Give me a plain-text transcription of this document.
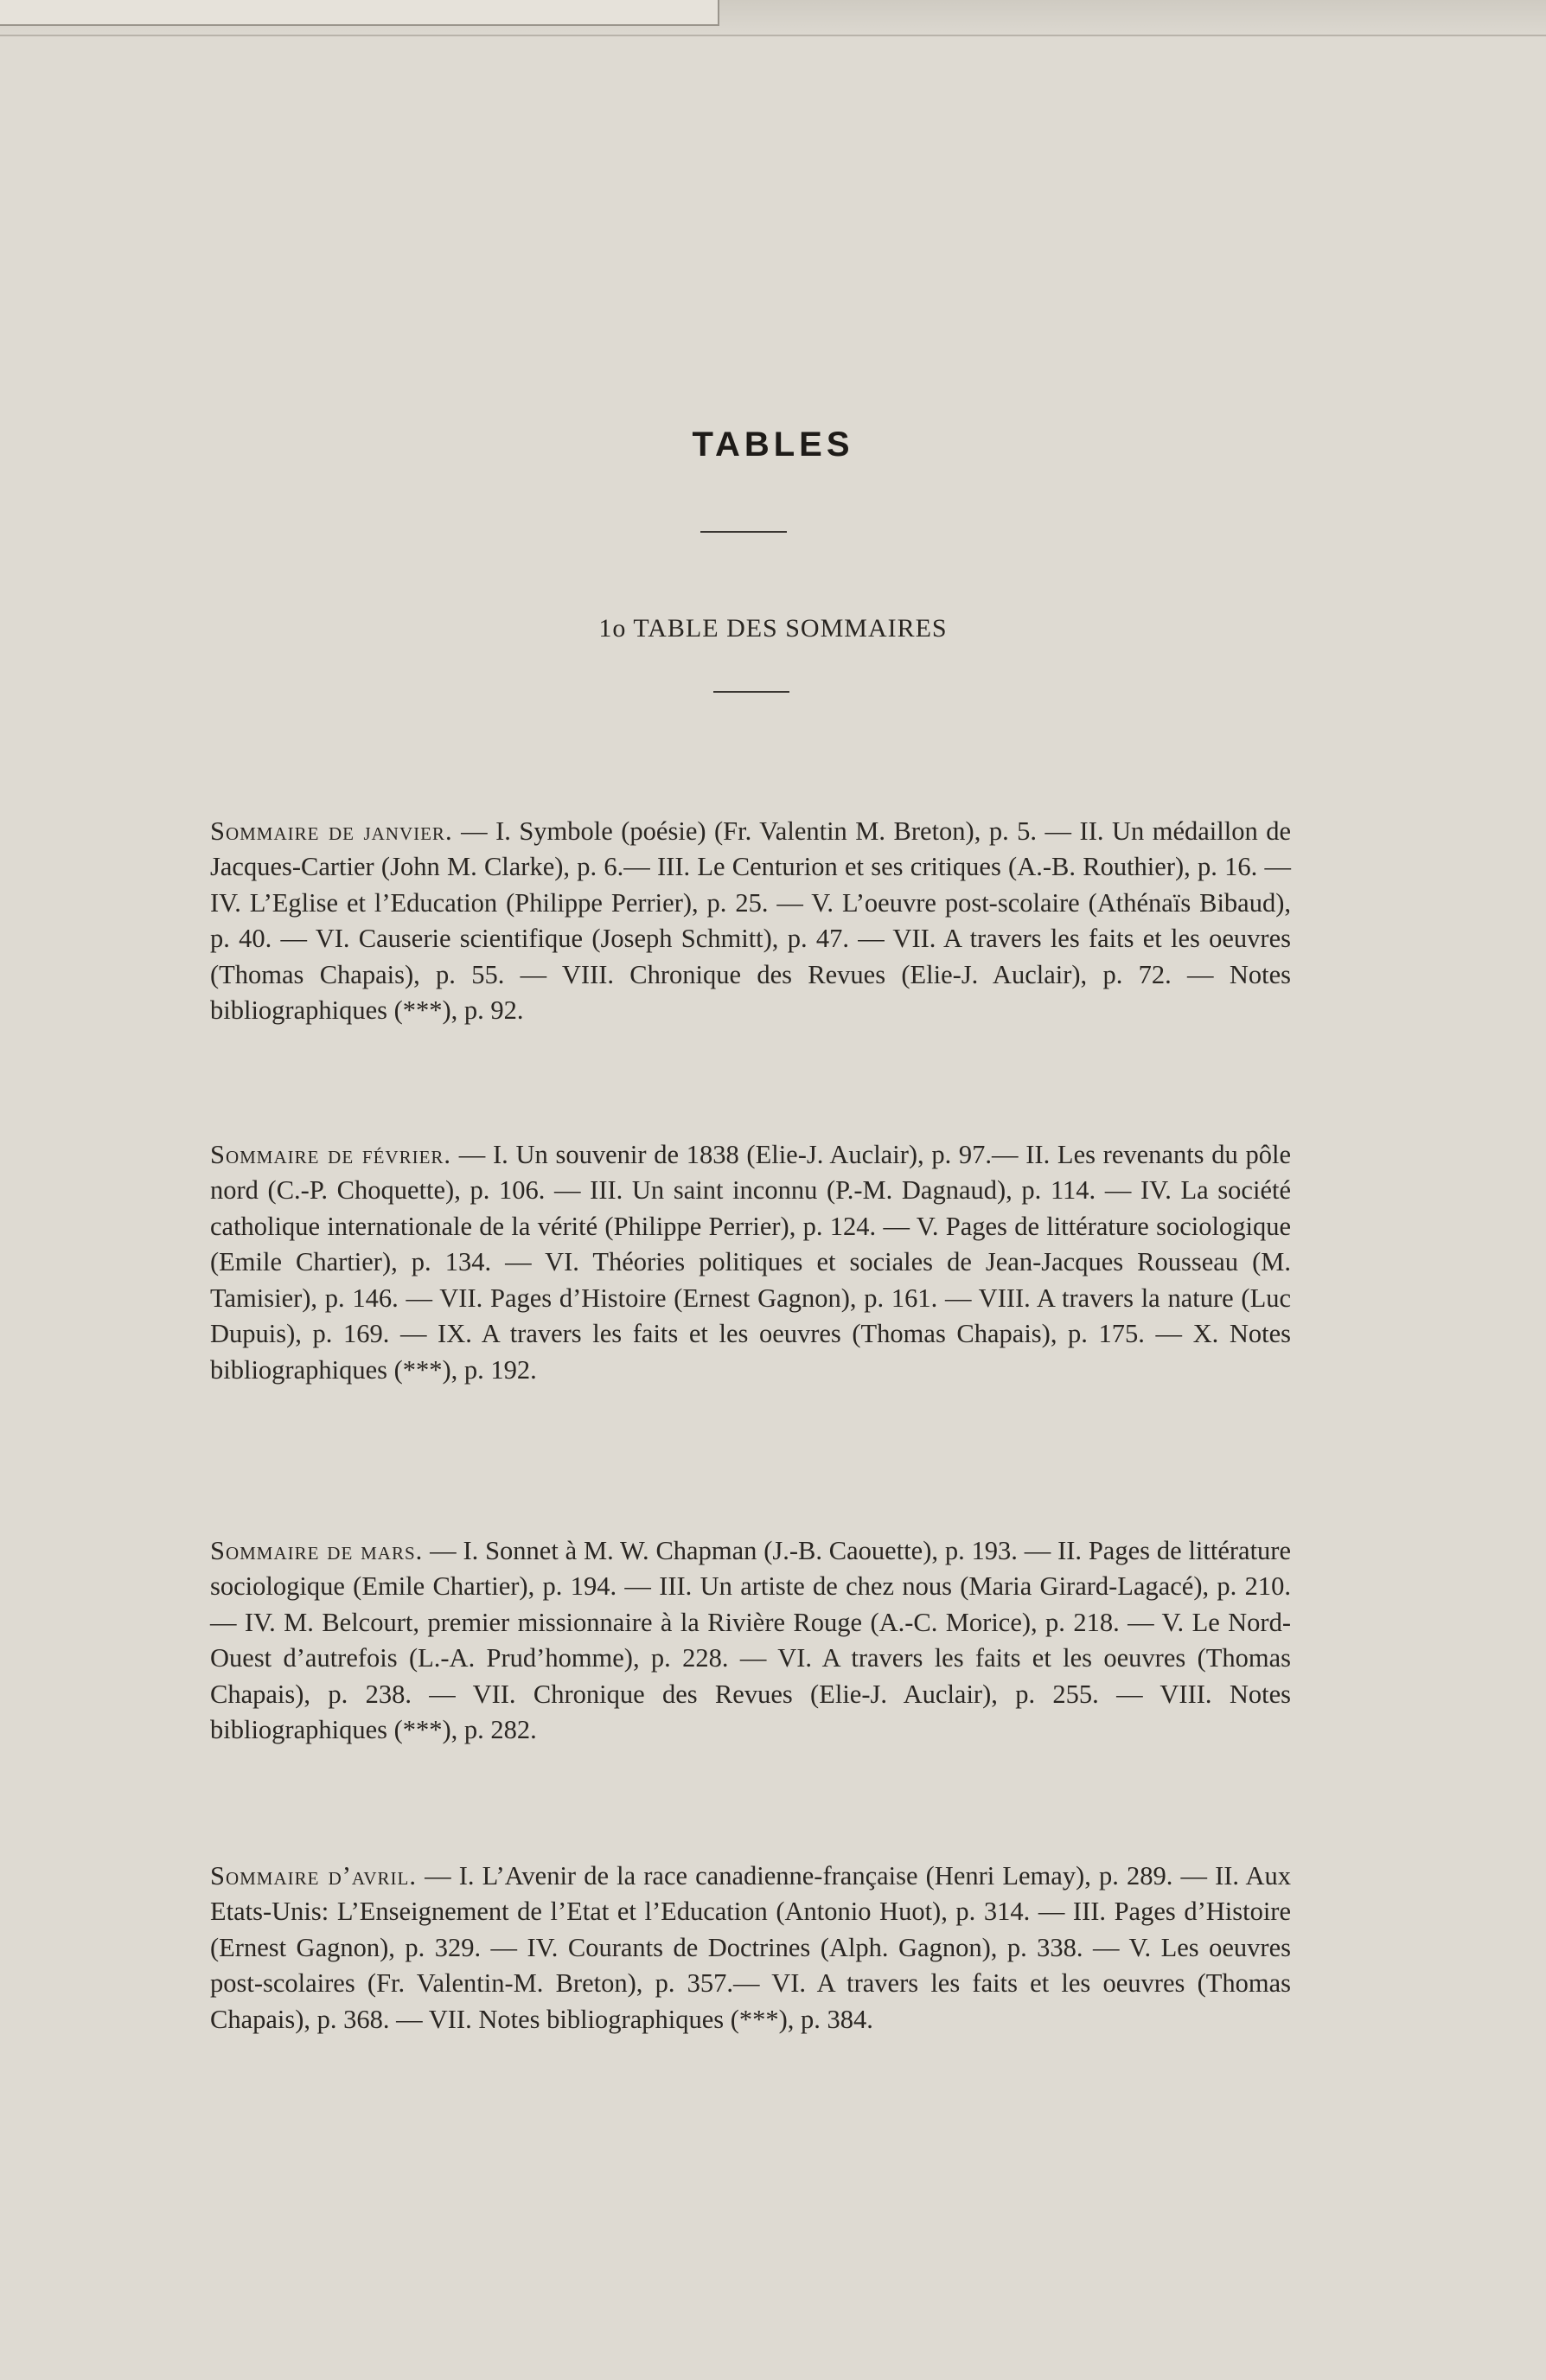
TABLES
1o TABLE DES SOMMAIRES

Sommaire de janvier. — I. Symbole (poésie) (Fr. Valentin M. Breton), p. 5. — II. Un médaillon de Jacques-Cartier (John M. Clarke), p. 6.— III. Le Centurion et ses critiques (A.-B. Routhier), p. 16. — IV. L’Eglise et l’Education (Philippe Perrier), p. 25. — V. L’oeuvre post-scolaire (Athénaïs Bibaud), p. 40. — VI. Causerie scientifique (Joseph Schmitt), p. 47. — VII. A travers les faits et les oeuvres (Thomas Chapais), p. 55. — VIII. Chronique des Revues (Elie-J. Auclair), p. 72. — Notes bibliographiques (***), p. 92.

Sommaire de février. — I. Un souvenir de 1838 (Elie-J. Auclair), p. 97.— II. Les revenants du pôle nord (C.-P. Choquette), p. 106. — III. Un saint inconnu (P.-M. Dagnaud), p. 114. — IV. La société catholique internationale de la vérité (Philippe Perrier), p. 124. — V. Pages de littérature sociologique (Emile Chartier), p. 134. — VI. Théories politiques et sociales de Jean-Jacques Rousseau (M. Tamisier), p. 146. — VII. Pages d’Histoire (Ernest Gagnon), p. 161. — VIII. A travers la nature (Luc Dupuis), p. 169. — IX. A travers les faits et les oeuvres (Thomas Chapais), p. 175. — X. Notes bibliographiques (***), p. 192.

Sommaire de mars. — I. Sonnet à M. W. Chapman (J.-B. Caouette), p. 193. — II. Pages de littérature sociologique (Emile Chartier), p. 194. — III. Un artiste de chez nous (Maria Girard-Lagacé), p. 210. — IV. M. Belcourt, premier missionnaire à la Rivière Rouge (A.-C. Morice), p. 218. — V. Le Nord-Ouest d’autrefois (L.-A. Prud’homme), p. 228. — VI. A travers les faits et les oeuvres (Thomas Chapais), p. 238. — VII. Chronique des Revues (Elie-J. Auclair), p. 255. — VIII. Notes bibliographiques (***), p. 282.

Sommaire d’avril. — I. L’Avenir de la race canadienne-française (Henri Lemay), p. 289. — II. Aux Etats-Unis: L’Enseignement de l’Etat et l’Education (Antonio Huot), p. 314. — III. Pages d’Histoire (Ernest Gagnon), p. 329. — IV. Courants de Doctrines (Alph. Gagnon), p. 338. — V. Les oeuvres post-scolaires (Fr. Valentin-M. Breton), p. 357.— VI. A travers les faits et les oeuvres (Thomas Chapais), p. 368. — VII. Notes bibliographiques (***), p. 384.
